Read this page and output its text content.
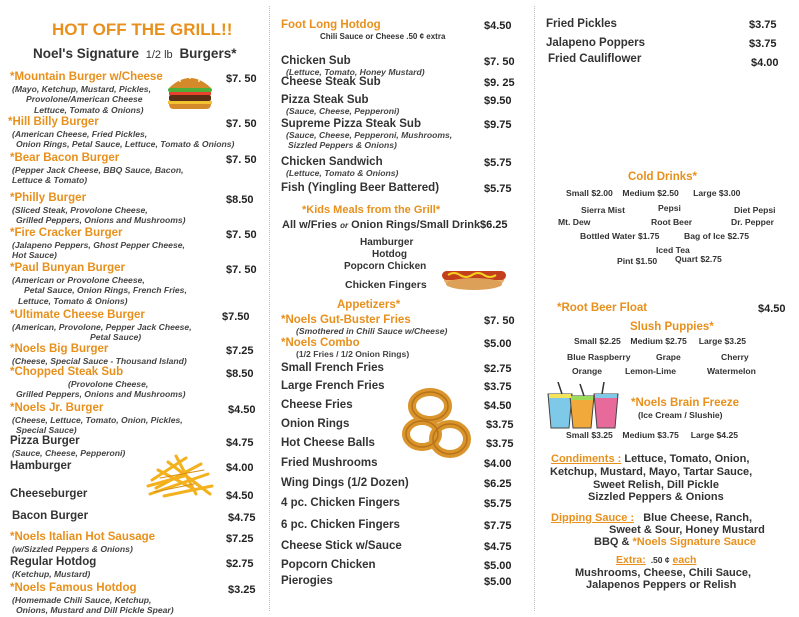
HOT OFF THE GRILL!!
Noel's Signature 1/2 lb Burgers*
*Mountain Burger w/Cheese	$7. 50
(Mayo, Ketchup, Mustard, Pickles,
Provolone/American Cheese
Lettuce, Tomato & Onions)
*Hill Billy Burger	$7. 50
(American Cheese, Fried Pickles,
Onion Rings, Petal Sauce, Lettuce, Tomato & Onions)
*Bear Bacon Burger	$7. 50
(Pepper Jack Cheese, BBQ Sauce, Bacon,
Lettuce & Tomato)
*Philly Burger	$8.50
(Sliced Steak, Provolone Cheese,
Grilled Peppers, Onions and Mushrooms)
*Fire Cracker Burger	$7. 50
(Jalapeno Peppers, Ghost Pepper Cheese,
Hot Sauce)
*Paul Bunyan Burger	$7. 50
(American or Provolone Cheese,
Petal Sauce, Onion Rings, French Fries,
Lettuce, Tomato & Onions)
*Ultimate Cheese Burger	$7.50
(American, Provolone, Pepper Jack Cheese,
Petal Sauce)
*Noels Big Burger	$7.25
(Cheese, Special Sauce - Thousand Island)
*Chopped Steak Sub	$8.50
(Provolone Cheese,
Grilled Peppers, Onions and Mushrooms)
*Noels Jr. Burger	$4.50
(Cheese, Lettuce, Tomato, Onion, Pickles,
Special Sauce)
Pizza Burger	$4.75
(Sauce, Cheese, Pepperoni)
Hamburger	$4.00
Cheeseburger	$4.50
Bacon Burger	$4.75
*Noels Italian Hot Sausage	$7.25
(w/Sizzled Peppers & Onions)
Regular Hotdog	$2.75
(Ketchup, Mustard)
*Noels Famous Hotdog	$3.25
(Homemade Chili Sauce, Ketchup,
Onions, Mustard and Dill Pickle Spear)
Foot Long Hotdog	$4.50
Chili Sauce or Cheese .50 ¢ extra
Chicken Sub	$7. 50
(Lettuce, Tomato, Honey Mustard)
Cheese Steak Sub	$9. 25
Pizza Steak Sub	$9.50
(Sauce, Cheese, Pepperoni)
Supreme Pizza Steak Sub	$9.75
(Sauce, Cheese, Pepperoni, Mushrooms,
Sizzled Peppers & Onions)
Chicken Sandwich	$5.75
(Lettuce, Tomato & Onions)
Fish (Yingling Beer Battered)	$5.75
*Kids Meals from the Grill*
All w/Fries or Onion Rings/Small Drink $6.25
Hamburger
Hotdog
Popcorn Chicken
Chicken Fingers
Appetizers*
*Noels Gut-Buster Fries	$7. 50
(Smothered in Chili Sauce w/Cheese)
*Noels Combo	$5.00
(1/2 Fries / 1/2 Onion Rings)
Small French Fries	$2.75
Large French Fries	$3.75
Cheese Fries	$4.50
Onion Rings	$3.75
Hot Cheese Balls	$3.75
Fried Mushrooms	$4.00
Wing Dings (1/2 Dozen)	$6.25
4 pc. Chicken Fingers	$5.75
6 pc. Chicken Fingers	$7.75
Cheese Stick w/Sauce	$4.75
Popcorn Chicken	$5.00
Pierogies	$5.00
Fried Pickles	$3.75
Jalapeno Poppers	$3.75
Fried Cauliflower	$4.00
Cold Drinks*
Small $2.00 Medium $2.50 Large $3.00
Pepsi
Sierra Mist	Diet Pepsi
Mt. Dew	Root Beer	Dr. Pepper
Bottled Water $1.75	Bag of Ice $2.75
Iced Tea
Pint $1.50 Quart $2.75
*Root Beer Float	$4.50
Slush Puppies*
Small $2.25 Medium $2.75 Large $3.25
Blue Raspberry	Grape	Cherry
Orange	Lemon-Lime	Watermelon
*Noels Brain Freeze
(Ice Cream / Slushie)
Small $3.25 Medium $3.75 Large $4.25
Condiments : Lettuce, Tomato, Onion,
Ketchup, Mustard, Mayo, Tartar Sauce,
Sweet Relish, Dill Pickle
Sizzled Peppers & Onions
Dipping Sauce : Blue Cheese, Ranch,
Sweet & Sour, Honey Mustard
BBQ & *Noels Signature Sauce
Extra: .50 ¢ each
Mushrooms, Cheese, Chili Sauce,
Jalapenos Peppers or Relish
